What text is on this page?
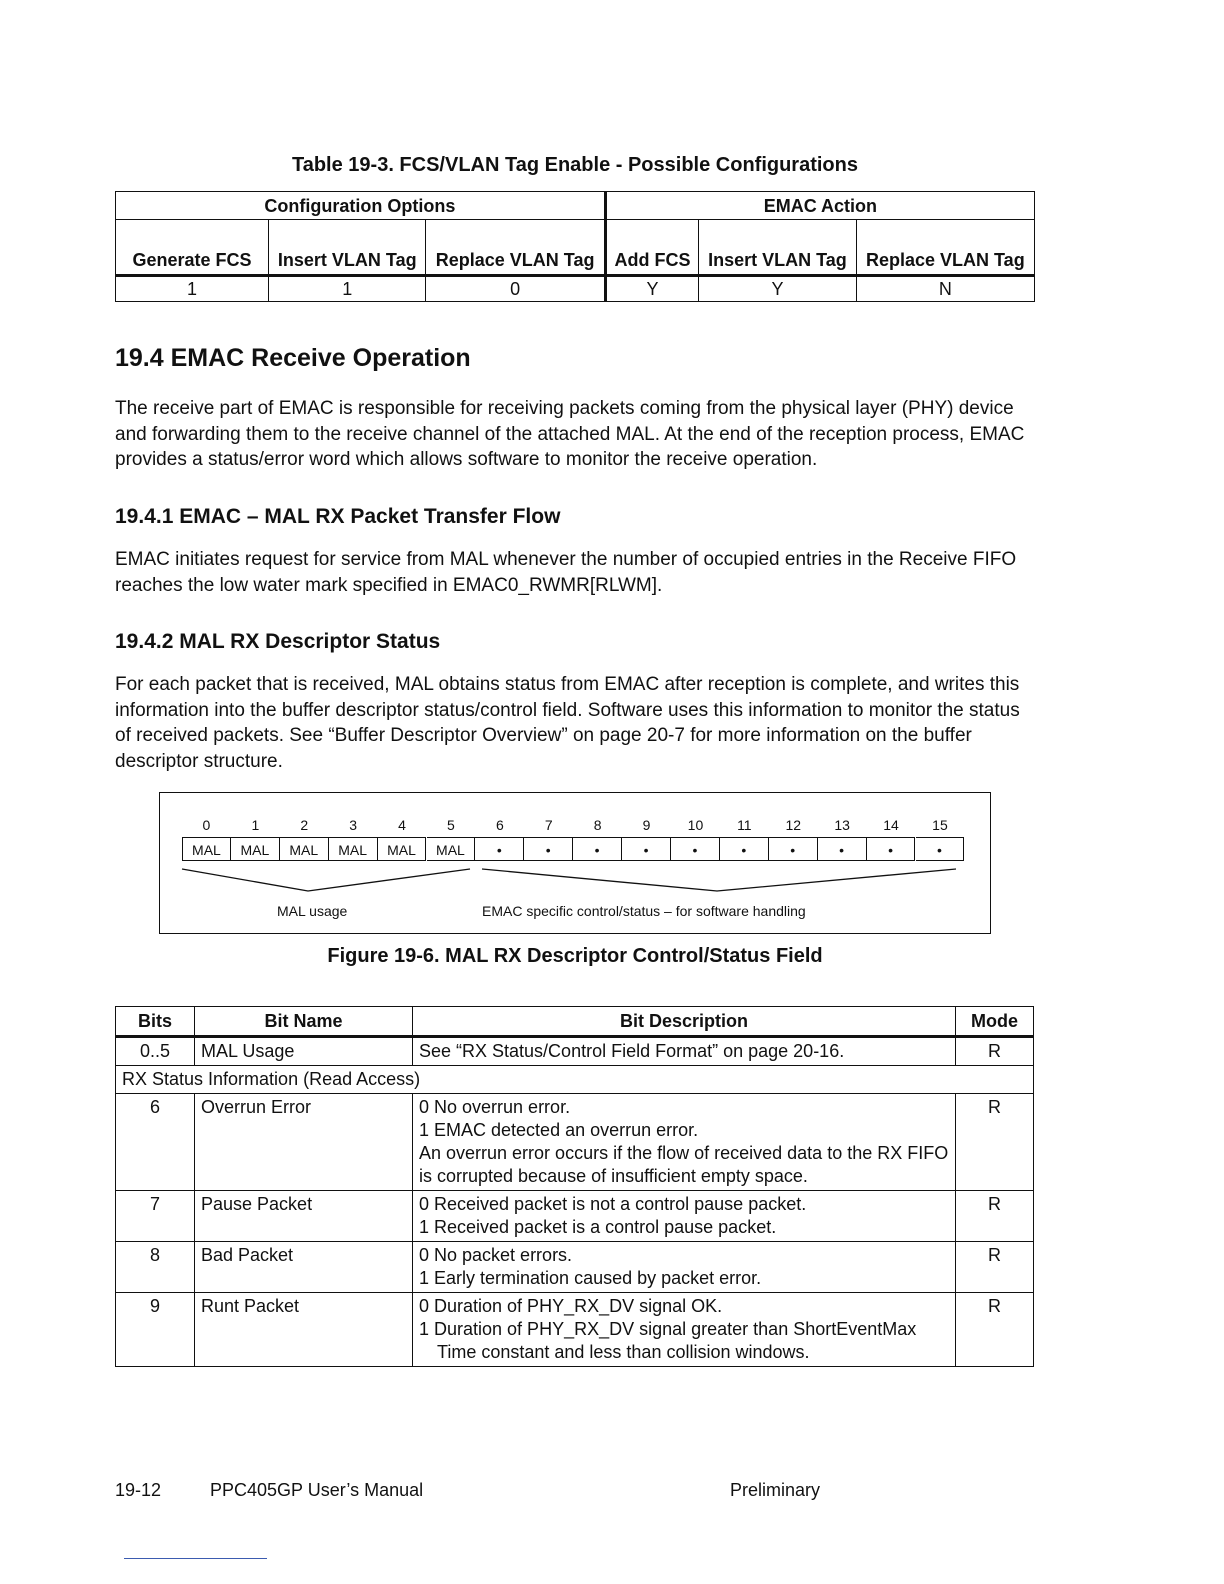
Table 19-3. FCS/VLAN Tag Enable - Possible Configurations
Configuration Options			EMAC Action		
Generate FCS	Insert VLAN Tag	Replace VLAN Tag	Add FCS	Insert VLAN Tag	Replace VLAN Tag
1	1	0	Y	Y	N
19.4 EMAC Receive Operation

The receive part of EMAC is responsible for receiving packets coming from the physical layer (PHY) device and forwarding them to the receive channel of the attached MAL. At the end of the reception process, EMAC provides a status/error word which allows software to monitor the receive operation.

19.4.1 EMAC – MAL RX Packet Transfer Flow

EMAC initiates request for service from MAL whenever the number of occupied entries in the Receive FIFO reaches the low water mark specified in EMAC0_RWMR[RLWM].

19.4.2 MAL RX Descriptor Status

For each packet that is received, MAL obtains status from EMAC after reception is complete, and writes this information into the buffer descriptor status/control field. Software uses this information to monitor the status of received packets. See “Buffer Descriptor Overview” on page 20-7 for more information on the buffer descriptor structure.

0	1	2	3	4	5	6	7	8	9	10	11	12	13	14	15
MAL	MAL	MAL	MAL	MAL	MAL	•	•	•	•	•	•	•	•	•	•
MAL usage	EMAC specific control/status – for software handling
Figure 19-6. MAL RX Descriptor Control/Status Field
Bits	Bit Name	Bit Description	Mode
0..5	MAL Usage	See “RX Status/Control Field Format” on page 20-16.	R
RX Status Information (Read Access)			
6	Overrun Error	0 No overrun error.
1 EMAC detected an overrun error.
An overrun error occurs if the flow of received data to the RX FIFO is corrupted because of insufficient empty space.	R
7	Pause Packet	0 Received packet is not a control pause packet.
1 Received packet is a control pause packet.	R
8	Bad Packet	0 No packet errors.
1 Early termination caused by packet error.	R
9	Runt Packet	0 Duration of PHY_RX_DV signal OK.
1 Duration of PHY_RX_DV signal greater than ShortEventMax
Time constant and less than collision windows.	R
19-12	PPC405GP User’s Manual	Preliminary
